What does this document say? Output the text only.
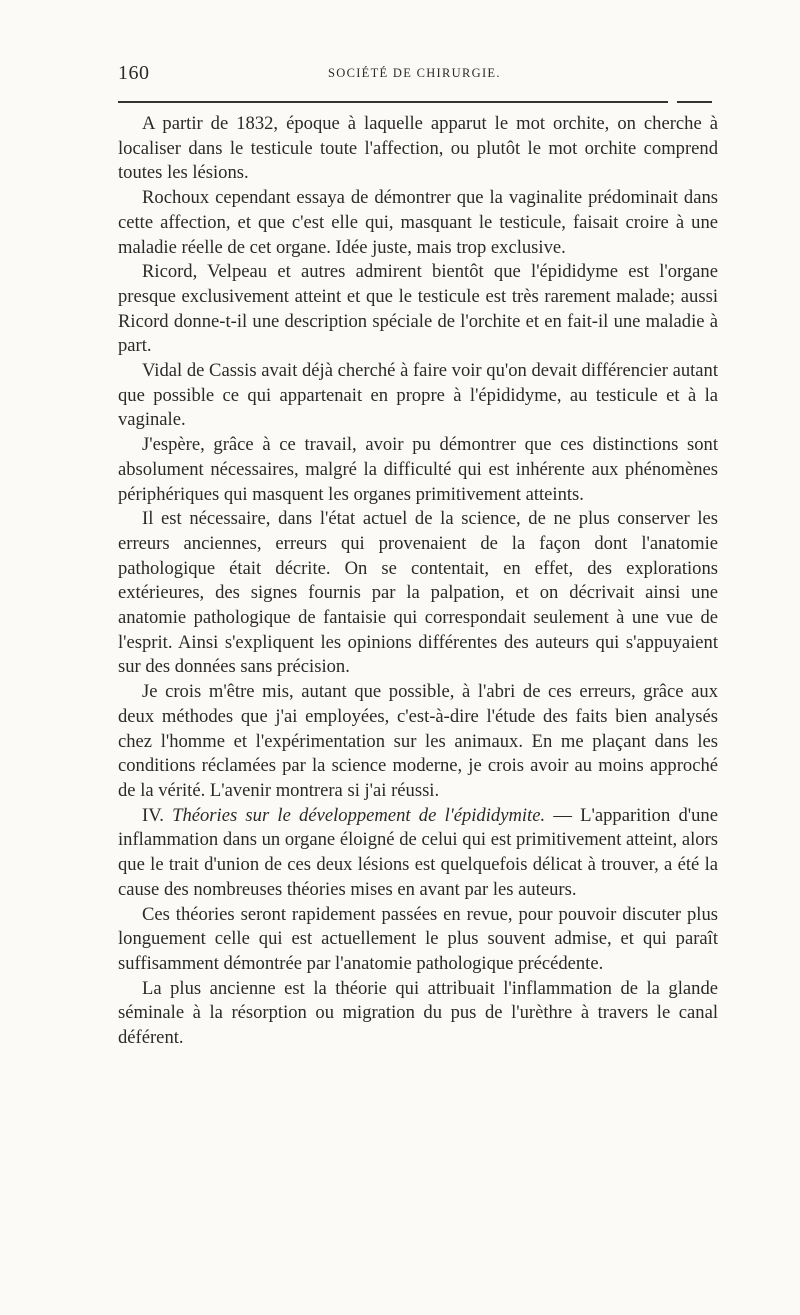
160	SOCIÉTÉ DE CHIRURGIE.

A partir de 1832, époque à laquelle apparut le mot orchite, on cherche à localiser dans le testicule toute l'affection, ou plutôt le mot orchite comprend toutes les lésions.

Rochoux cependant essaya de démontrer que la vaginalite prédominait dans cette affection, et que c'est elle qui, masquant le testicule, faisait croire à une maladie réelle de cet organe. Idée juste, mais trop exclusive.

Ricord, Velpeau et autres admirent bientôt que l'épididyme est l'organe presque exclusivement atteint et que le testicule est très rarement malade; aussi Ricord donne-t-il une description spéciale de l'orchite et en fait-il une maladie à part.

Vidal de Cassis avait déjà cherché à faire voir qu'on devait différencier autant que possible ce qui appartenait en propre à l'épididyme, au testicule et à la vaginale.

J'espère, grâce à ce travail, avoir pu démontrer que ces distinctions sont absolument nécessaires, malgré la difficulté qui est inhérente aux phénomènes périphériques qui masquent les organes primitivement atteints.

Il est nécessaire, dans l'état actuel de la science, de ne plus conserver les erreurs anciennes, erreurs qui provenaient de la façon dont l'anatomie pathologique était décrite. On se contentait, en effet, des explorations extérieures, des signes fournis par la palpation, et on décrivait ainsi une anatomie pathologique de fantaisie qui correspondait seulement à une vue de l'esprit. Ainsi s'expliquent les opinions différentes des auteurs qui s'appuyaient sur des données sans précision.

Je crois m'être mis, autant que possible, à l'abri de ces erreurs, grâce aux deux méthodes que j'ai employées, c'est-à-dire l'étude des faits bien analysés chez l'homme et l'expérimentation sur les animaux. En me plaçant dans les conditions réclamées par la science moderne, je crois avoir au moins approché de la vérité. L'avenir montrera si j'ai réussi.

IV. Théories sur le développement de l'épididymite. — L'apparition d'une inflammation dans un organe éloigné de celui qui est primitivement atteint, alors que le trait d'union de ces deux lésions est quelquefois délicat à trouver, a été la cause des nombreuses théories mises en avant par les auteurs.

Ces théories seront rapidement passées en revue, pour pouvoir discuter plus longuement celle qui est actuellement le plus souvent admise, et qui paraît suffisamment démontrée par l'anatomie pathologique précédente.

La plus ancienne est la théorie qui attribuait l'inflammation de la glande séminale à la résorption ou migration du pus de l'urèthre à travers le canal déférent.
